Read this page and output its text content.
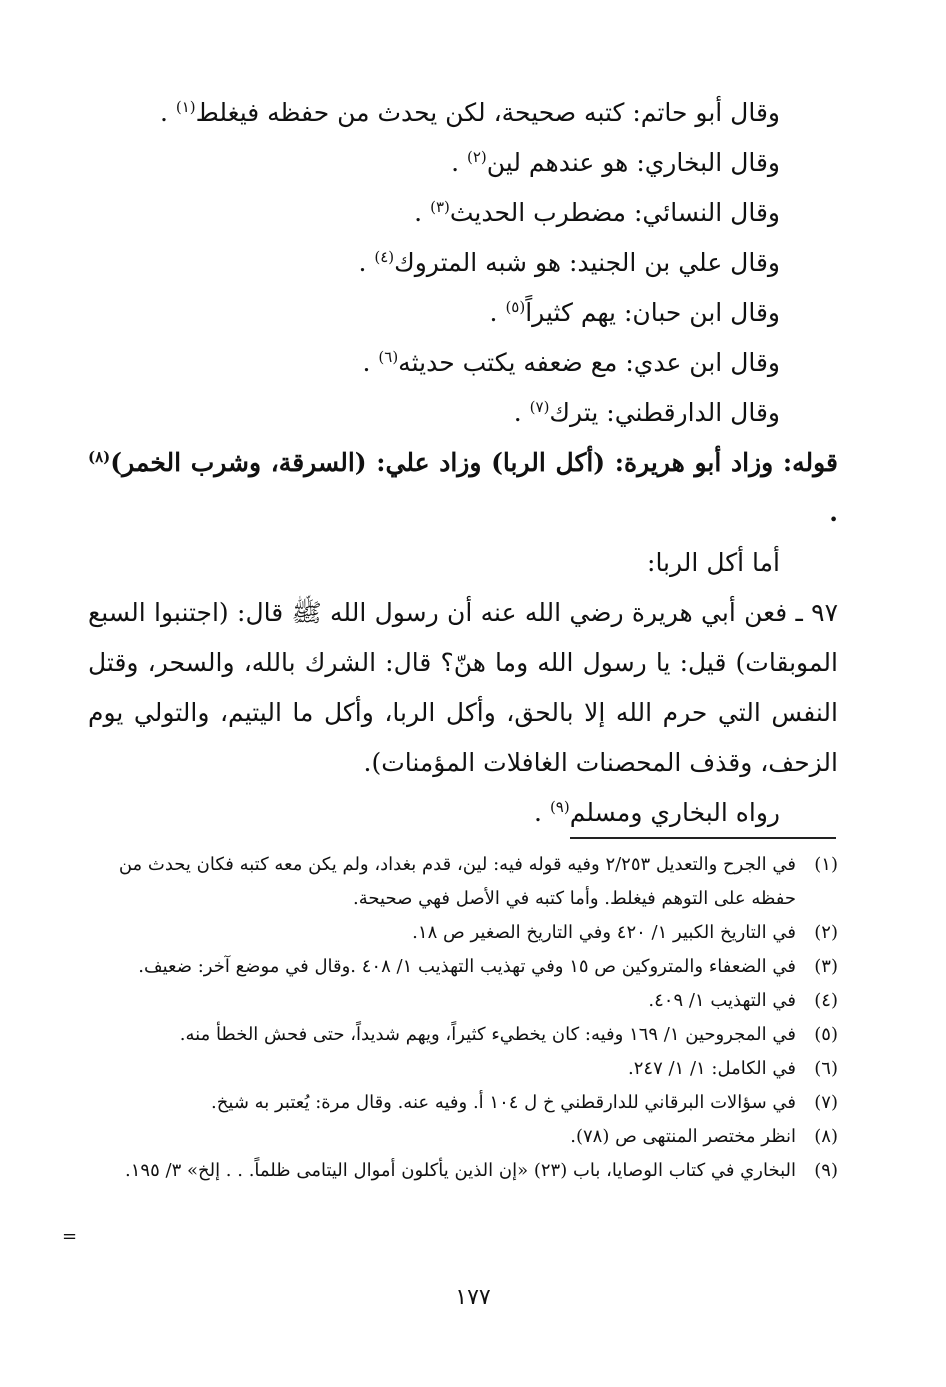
وقال أبو حاتم: كتبه صحيحة، لكن يحدث من حفظه فيغلط$^{(١)}$ .

وقال البخاري: هو عندهم لين$^{(٢)}$ .

وقال النسائي: مضطرب الحديث$^{(٣)}$ .

وقال علي بن الجنيد: هو شبه المتروك$^{(٤)}$ .

وقال ابن حبان: يهم كثيراً$^{(٥)}$ .

وقال ابن عدي: مع ضعفه يكتب حديثه$^{(٦)}$ .

وقال الدارقطني: يترك$^{(٧)}$ .

قوله: وزاد أبو هريرة: (أكل الربا) وزاد علي: (السرقة، وشرب الخمر)$^{(٨)}$ .

أما أكل الربا:

٩٧ ـ فعن أبي هريرة رضي الله عنه أن رسول الله ﷺ قال: (اجتنبوا السبع الموبقات) قيل: يا رسول الله وما هنّ؟ قال: الشرك بالله، والسحر، وقتل النفس التي حرم الله إلا بالحق، وأكل الربا، وأكل ما اليتيم، والتولي يوم الزحف، وقذف المحصنات الغافلات المؤمنات).

رواه البخاري ومسلم$^{(٩)}$ .

(١)
في الجرح والتعديل ٢/٢٥٣ وفيه قوله فيه: لين، قدم بغداد، ولم يكن معه كتبه فكان يحدث من حفظه على التوهم فيغلط. وأما كتبه في الأصل فهي صحيحة.
(٢)
في التاريخ الكبير ١/ ٤٢٠ وفي التاريخ الصغير ص ١٨.
(٣)
في الضعفاء والمتروكين ص ١٥ وفي تهذيب التهذيب ١/ ٤٠٨ .وقال في موضع آخر: ضعيف.
(٤)
في التهذيب ١/ ٤٠٩.
(٥)
في المجروحين ١/ ١٦٩ وفيه: كان يخطيء كثيراً، ويهم شديداً، حتى فحش الخطأ منه.
(٦)
في الكامل: ١/ ١/ ٢٤٧.
(٧)
في سؤالات البرقاني للدارقطني خ ل ١٠٤ أ. وفيه عنه. وقال مرة: يُعتبر به شيخ.
(٨)
انظر مختصر المنتهى ص (٧٨).
(٩)
البخاري في كتاب الوصايا، باب (٢٣) «إن الذين يأكلون أموال اليتامى ظلماً. . . إلخ» ٣/ ١٩٥.
=
١٧٧
